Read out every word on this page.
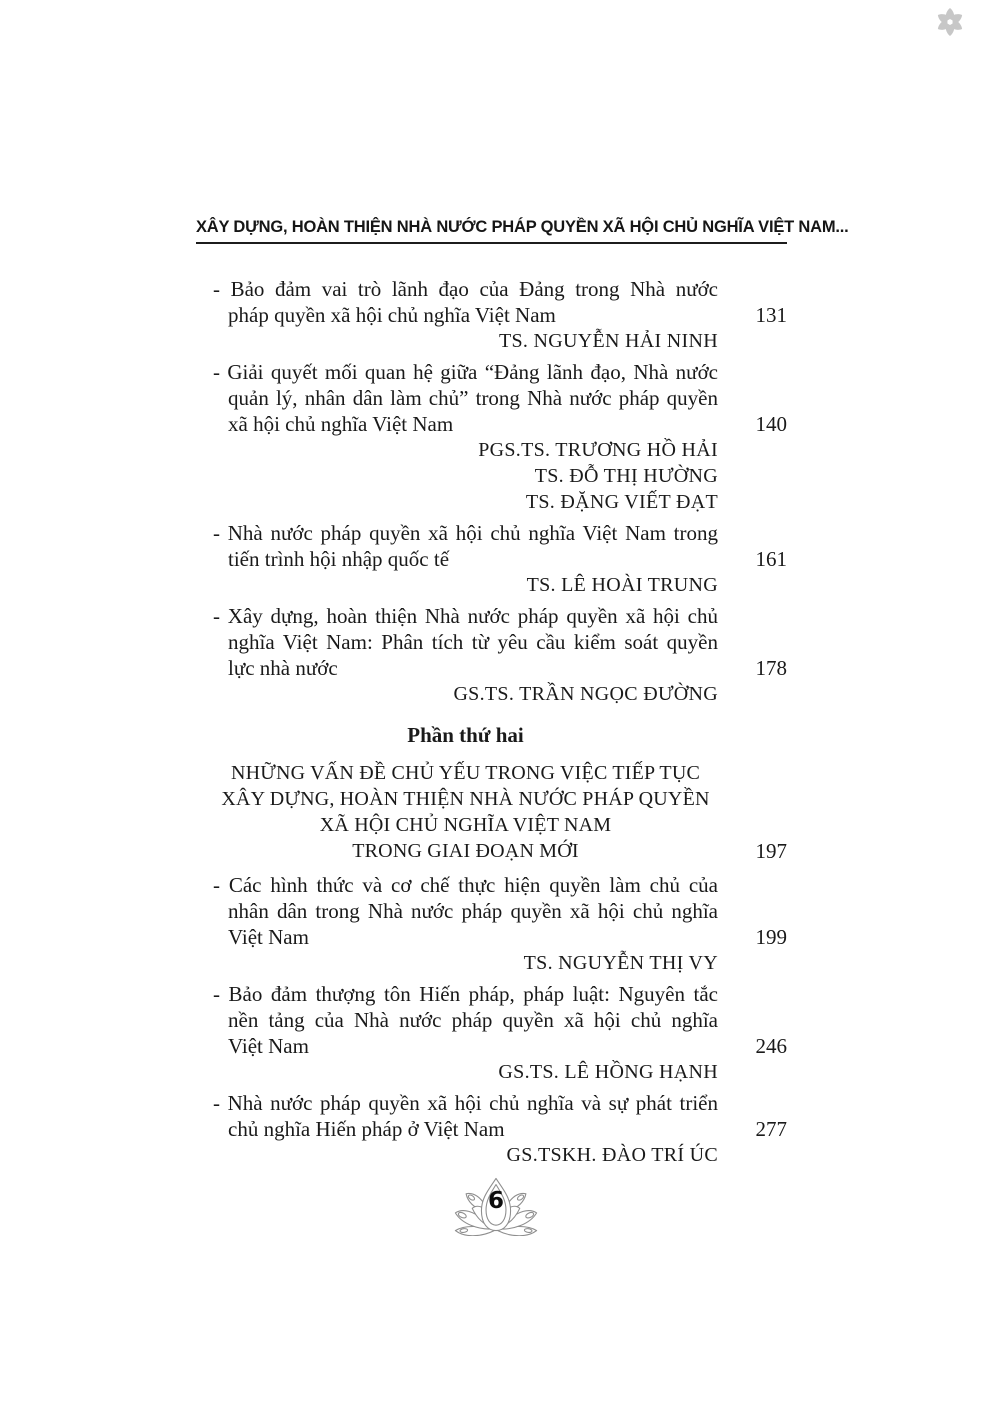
XÂY DỰNG, HOÀN THIỆN NHÀ NƯỚC PHÁP QUYỀN XÃ HỘI CHỦ NGHĨA VIỆT NAM...
- Bảo đảm vai trò lãnh đạo của Đảng trong Nhà nước
pháp quyền xã hội chủ nghĩa Việt Nam	131
TS. NGUYỄN HẢI NINH
- Giải quyết mối quan hệ giữa “Đảng lãnh đạo, Nhà nước
quản lý, nhân dân làm chủ” trong Nhà nước pháp quyền
xã hội chủ nghĩa Việt Nam	140
PGS.TS. TRƯƠNG HỒ HẢI
TS. ĐỖ THỊ HƯỜNG
TS. ĐẶNG VIẾT ĐẠT
- Nhà nước pháp quyền xã hội chủ nghĩa Việt Nam trong
tiến trình hội nhập quốc tế	161
TS. LÊ HOÀI TRUNG
- Xây dựng, hoàn thiện Nhà nước pháp quyền xã hội chủ
nghĩa Việt Nam: Phân tích từ yêu cầu kiểm soát quyền
lực nhà nước	178
GS.TS. TRẦN NGỌC ĐƯỜNG
Phần thứ hai
NHỮNG VẤN ĐỀ CHỦ YẾU TRONG VIỆC TIẾP TỤC
XÂY DỰNG, HOÀN THIỆN NHÀ NƯỚC PHÁP QUYỀN
XÃ HỘI CHỦ NGHĨA VIỆT NAM
TRONG GIAI ĐOẠN MỚI	197
- Các hình thức và cơ chế thực hiện quyền làm chủ của
nhân dân trong Nhà nước pháp quyền xã hội chủ nghĩa
Việt Nam	199
TS. NGUYỄN THỊ VY
- Bảo đảm thượng tôn Hiến pháp, pháp luật: Nguyên tắc
nền tảng của Nhà nước pháp quyền xã hội chủ nghĩa
Việt Nam	246
GS.TS. LÊ HỒNG HẠNH
- Nhà nước pháp quyền xã hội chủ nghĩa và sự phát triển
chủ nghĩa Hiến pháp ở Việt Nam	277
GS.TSKH. ĐÀO TRÍ ÚC
6
